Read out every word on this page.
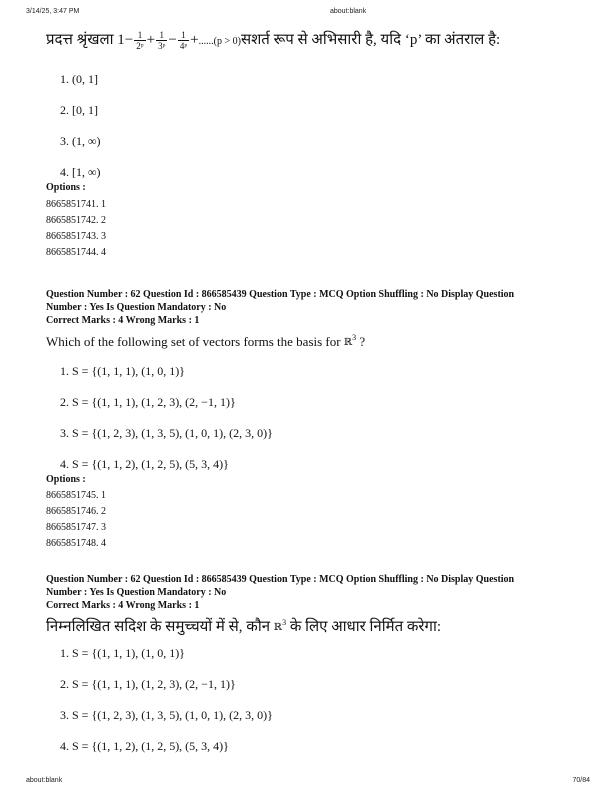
3/14/25, 3:47 PM	about:blank
प्रदत्त श्रृंखला $1- \frac{1}{\text{2ᵖ}} + \frac{1}{\text{3ᵖ}} - \frac{1}{\text{4ᵖ}} +......(p$ > 0)सशर्त रूप से अभिसारी है, यदि ‘p’ का अंतराल है:
1. (0, 1]
2. [0, 1]
3. (1, ∞)
4. [1, ∞)
Options :
8665851741. 1
8665851742. 2
8665851743. 3
8665851744. 4
Question Number : 62 Question Id : 866585439 Question Type : MCQ Option Shuffling : No Display Question
Number : Yes Is Question Mandatory : No
Correct Marks : 4 Wrong Marks : 1
Which of the following set of vectors forms the basis for ℝ$^3$ ?
1. S = {(1, 1, 1), (1, 0, 1)}
2. S = {(1, 1, 1), (1, 2, 3), (2, −1, 1)}
3. S = {(1, 2, 3), (1, 3, 5), (1, 0, 1), (2, 3, 0)}
4. S = {(1, 1, 2), (1, 2, 5), (5, 3, 4)}
Options :
8665851745. 1
8665851746. 2
8665851747. 3
8665851748. 4
Question Number : 62 Question Id : 866585439 Question Type : MCQ Option Shuffling : No Display Question
Number : Yes Is Question Mandatory : No
Correct Marks : 4 Wrong Marks : 1
निम्नलिखित सदिश के समुच्चयों में से, कौन ℝ$^3$ के लिए आधार निर्मित करेगा:
1. S = {(1, 1, 1), (1, 0, 1)}
2. S = {(1, 1, 1), (1, 2, 3), (2, −1, 1)}
3. S = {(1, 2, 3), (1, 3, 5), (1, 0, 1), (2, 3, 0)}
4. S = {(1, 1, 2), (1, 2, 5), (5, 3, 4)}
about:blank	70/84
